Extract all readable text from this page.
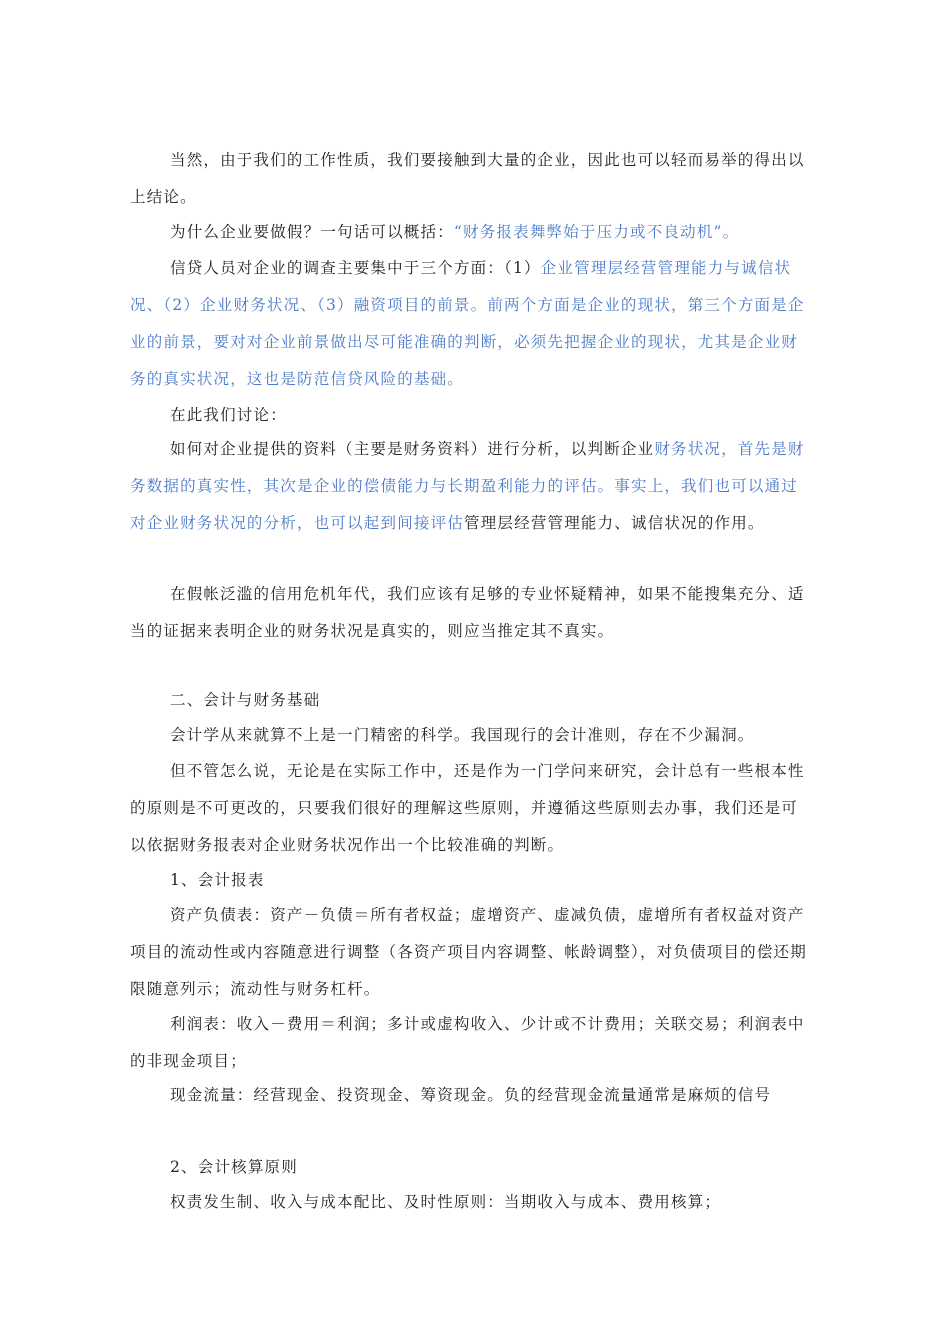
当然，由于我们的工作性质，我们要接触到大量的企业，因此也可以轻而易举的得出以上结论。

为什么企业要做假？一句话可以概括：“财务报表舞弊始于压力或不良动机”。

信贷人员对企业的调查主要集中于三个方面：（1）企业管理层经营管理能力与诚信状况、（2）企业财务状况、（3）融资项目的前景。前两个方面是企业的现状，第三个方面是企业的前景，要对对企业前景做出尽可能准确的判断，必须先把握企业的现状，尤其是企业财务的真实状况，这也是防范信贷风险的基础。

在此我们讨论：

如何对企业提供的资料（主要是财务资料）进行分析，以判断企业财务状况，首先是财务数据的真实性，其次是企业的偿债能力与长期盈利能力的评估。事实上，我们也可以通过对企业财务状况的分析，也可以起到间接评估管理层经营管理能力、诚信状况的作用。

在假帐泛滥的信用危机年代，我们应该有足够的专业怀疑精神，如果不能搜集充分、适当的证据来表明企业的财务状况是真实的，则应当推定其不真实。

二、会计与财务基础

会计学从来就算不上是一门精密的科学。我国现行的会计准则，存在不少漏洞。

但不管怎么说，无论是在实际工作中，还是作为一门学问来研究，会计总有一些根本性的原则是不可更改的，只要我们很好的理解这些原则，并遵循这些原则去办事，我们还是可以依据财务报表对企业财务状况作出一个比较准确的判断。

1、会计报表

资产负债表：资产－负债＝所有者权益；虚增资产、虚减负债，虚增所有者权益对资产项目的流动性或内容随意进行调整（各资产项目内容调整、帐龄调整），对负债项目的偿还期限随意列示；流动性与财务杠杆。

利润表：收入－费用＝利润；多计或虚构收入、少计或不计费用；关联交易；利润表中的非现金项目；

现金流量：经营现金、投资现金、筹资现金。负的经营现金流量通常是麻烦的信号

2、会计核算原则

权责发生制、收入与成本配比、及时性原则：当期收入与成本、费用核算；
